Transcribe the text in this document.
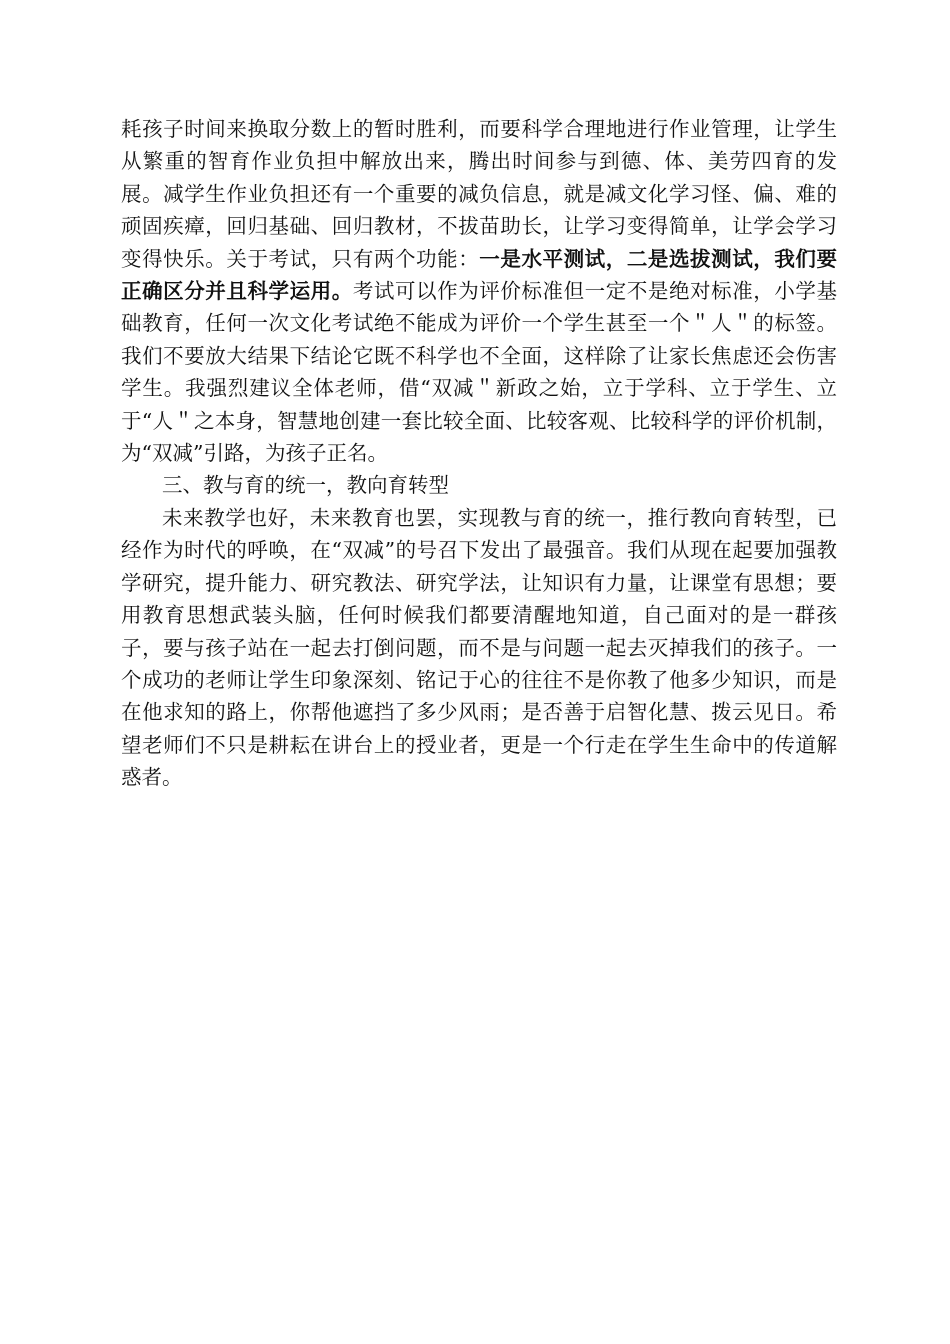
耗孩子时间来换取分数上的暂时胜利，而要科学合理地进行作业管理，让学生从繁重的智育作业负担中解放出来，腾出时间参与到德、体、美劳四育的发展。减学生作业负担还有一个重要的减负信息，就是减文化学习怪、偏、难的顽固疾瘴，回归基础、回归教材，不拔苗助长，让学习变得简单，让学会学习变得快乐。关于考试，只有两个功能：一是水平测试，二是选拔测试，我们要正确区分并且科学运用。考试可以作为评价标准但一定不是绝对标准，小学基础教育，任何一次文化考试绝不能成为评价一个学生甚至一个＂人＂的标签。我们不要放大结果下结论它既不科学也不全面，这样除了让家长焦虑还会伤害学生。我强烈建议全体老师，借“双减＂新政之始，立于学科、立于学生、立于“人＂之本身，智慧地创建一套比较全面、比较客观、比较科学的评价机制，为“双减”引路，为孩子正名。

三、教与育的统一，教向育转型

未来教学也好，未来教育也罢，实现教与育的统一，推行教向育转型，已经作为时代的呼唤，在“双减”的号召下发出了最强音。我们从现在起要加强教学研究，提升能力、研究教法、研究学法，让知识有力量，让课堂有思想；要用教育思想武装头脑，任何时候我们都要清醒地知道，自己面对的是一群孩子，要与孩子站在一起去打倒问题，而不是与问题一起去灭掉我们的孩子。一个成功的老师让学生印象深刻、铭记于心的往往不是你教了他多少知识，而是在他求知的路上，你帮他遮挡了多少风雨；是否善于启智化慧、拨云见日。希望老师们不只是耕耘在讲台上的授业者，更是一个行走在学生生命中的传道解惑者。
